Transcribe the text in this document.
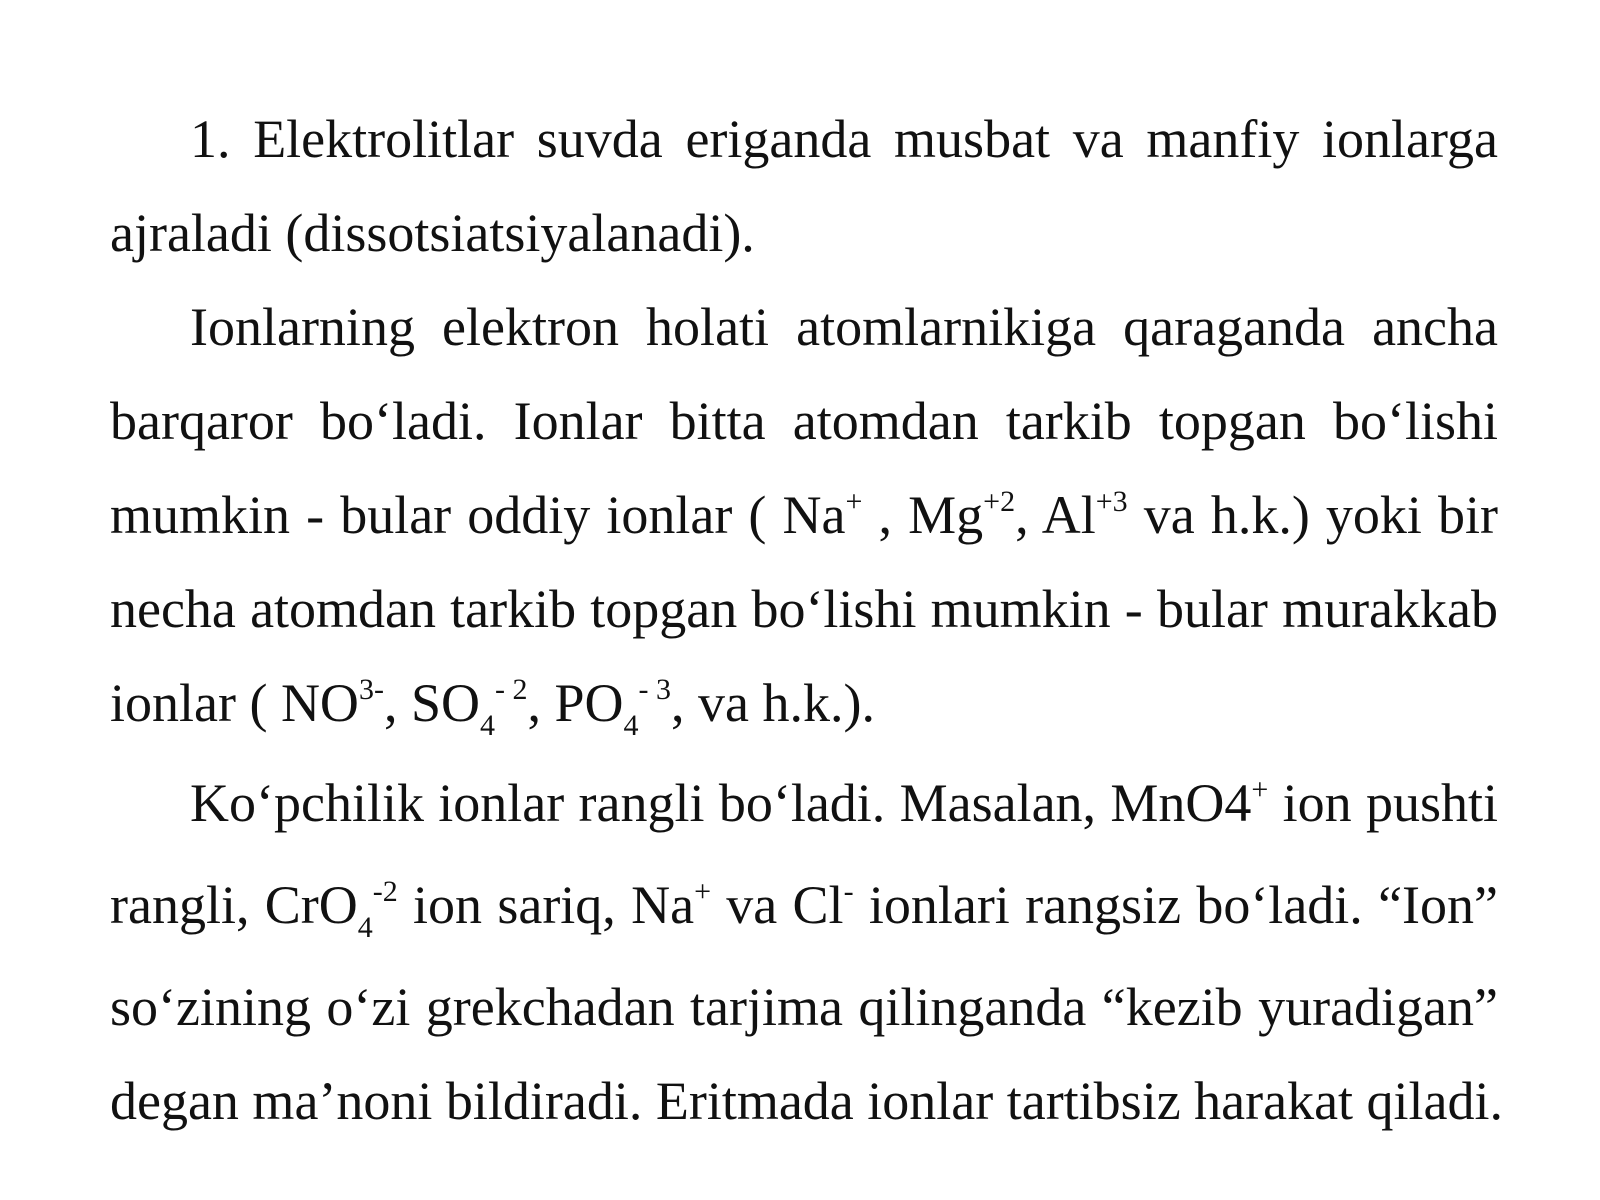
1. Elektrolitlar suvda eriganda musbat va manfiy ionlarga
ajraladi (dissotsiatsiyalanadi).
Ionlarning elektron holati atomlarnikiga qaraganda ancha
barqaror bo‘ladi. Ionlar bitta atomdan tarkib topgan bo‘lishi
mumkin - bular oddiy ionlar ( Na+ , $Mg^{+2}$, $Al^{+3}$ va h.k.) yoki bir
necha atomdan tarkib topgan bo‘lishi mumkin - bular murakkab
ionlar ( $NO^{3-}$, $SO_4^{- 2}$, $PO_4^{- 3}$, va h.k.).
Ko‘pchilik ionlar rangli bo‘ladi. Masalan, MnO4+ ion pushti
rangli, CrO$_4^{-2}$ ion sariq, Na+ va Cl- ionlari rangsiz bo‘ladi. “Ion”
so‘zining o‘zi grekchadan tarjima qilinganda “kezib yuradigan”
degan ma’noni bildiradi. Eritmada ionlar tartibsiz harakat qiladi.
